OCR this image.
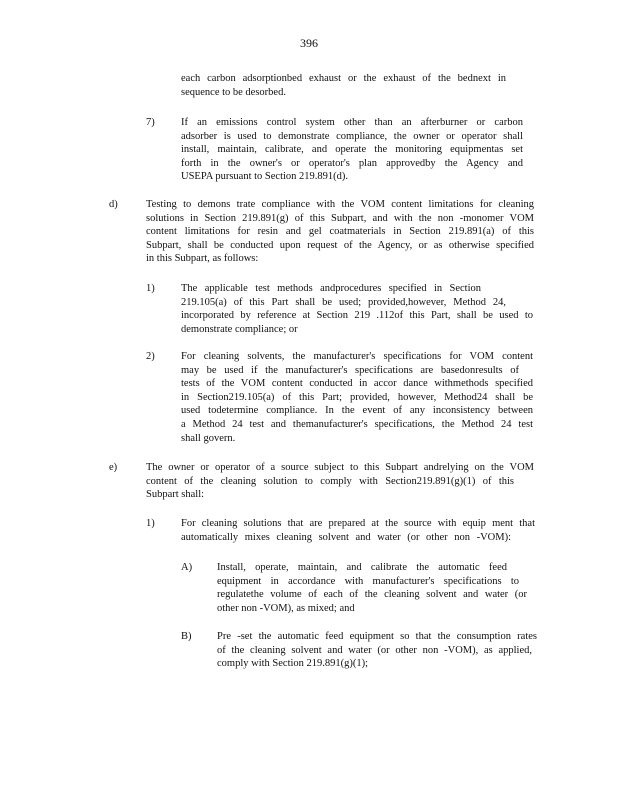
396
each carbon adsorptionbed exhaust or the exhaust of the bednext in
sequence to be desorbed.
7)	If an emissions control system other than an afterburner or carbon
adsorber is used to demonstrate compliance, the owner or operator shall
install, maintain, calibrate, and operate the monitoring equipmentas set
forth in the owner's or operator's plan approvedby the Agency and
USEPA pursuant to Section 219.891(d).
d)	Testing to demons trate compliance with the VOM content limitations for cleaning
solutions in Section 219.891(g) of this Subpart, and with the non -monomer VOM
content limitations for resin and gel coatmaterials in Section 219.891(a) of this
Subpart, shall be conducted upon request of the Agency, or as otherwise specified
in this Subpart, as follows:
1)	The applicable test methods andprocedures specified in Section
219.105(a) of this Part shall be used; provided,however, Method 24,
incorporated by reference at Section 219 .112of this Part, shall be used to
demonstrate compliance; or
2)	For cleaning solvents, the manufacturer's specifications for VOM content
may be used if the manufacturer's specifications are basedonresults of
tests of the VOM content conducted in accor dance withmethods specified
in Section219.105(a) of this Part; provided, however, Method24 shall be
used todetermine compliance. In the event of any inconsistency between
a Method 24 test and themanufacturer's specifications, the Method 24 test
shall govern.
e)	The owner or operator of a source subject to this Subpart andrelying on the VOM
content of the cleaning solution to comply with Section219.891(g)(1) of this
Subpart shall:
1)	For cleaning solutions that are prepared at the source with equip ment that
automatically mixes cleaning solvent and water (or other non -VOM):
A) Install, operate, maintain, and calibrate the automatic feed
equipment in accordance with manufacturer's specifications to
regulatethe volume of each of the cleaning solvent and water (or
other non -VOM), as mixed; and
B) Pre -set the automatic feed equipment so that the consumption rates
of the cleaning solvent and water (or other non -VOM), as applied,
comply with Section 219.891(g)(1);
